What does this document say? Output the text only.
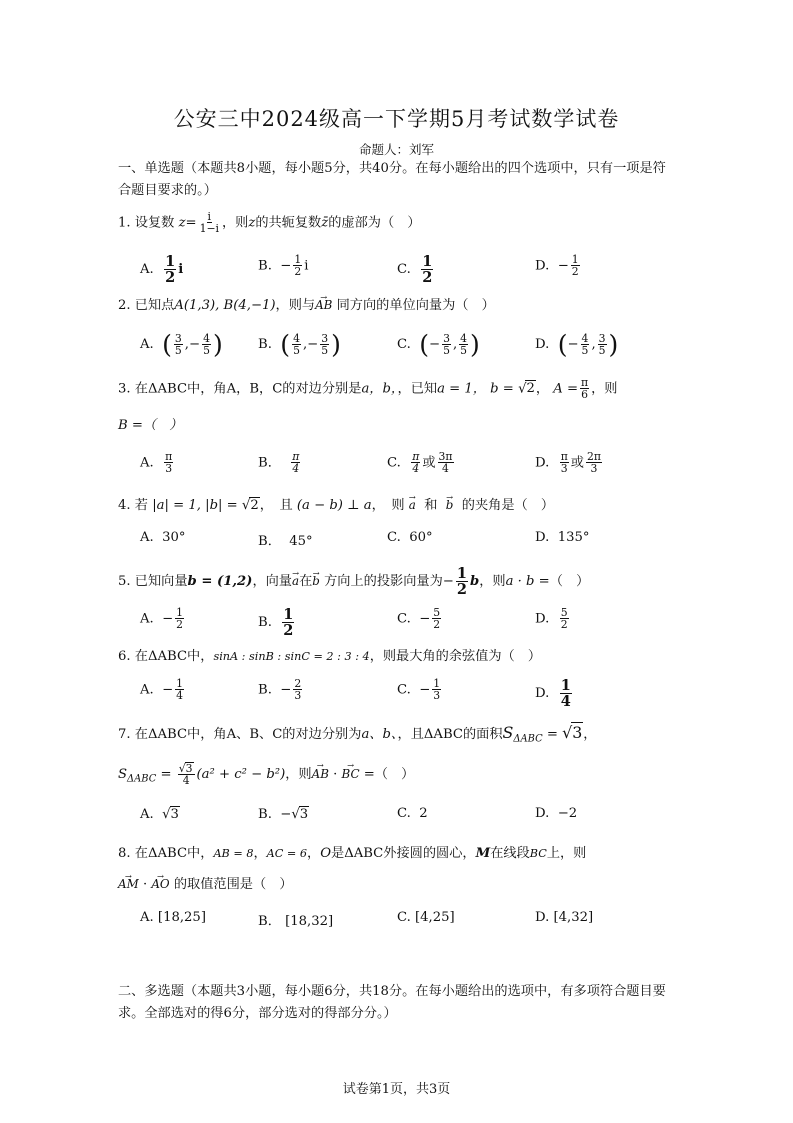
公安三中2024级高一下学期5月考试数学试卷
命题人：刘军
一、单选题（本题共8小题，每小题5分，共40分。在每小题给出的四个选项中，只有一项是符合题目要求的。）
1. 设复数 $z= \frac{i}{1-i}$ ，则z的共轭复数z̄的虚部为（　）
A. $\frac{1}{2}$ i	B. − $\frac{1}{2}$ i	C. $\frac{1}{2}$	D. − $\frac{1}{2}$
2. 已知点A(1,3), B(4,−1)，则与→ AB 同方向的单位向量为（　）
A. ( $\frac{3}{5}$ ,− $\frac{4}{5}$ )	B. ( $\frac{4}{5}$ ,− $\frac{3}{5}$ )	C. (− $\frac{3}{5}$ , $\frac{4}{5}$ )	D. (− $\frac{4}{5}$ , $\frac{3}{5}$ )
3. 在ΔABC中，角A，B，C的对边分别是a，b，，已知a = 1， b = √2， $A = \frac{\pi}{6}$ ，则
B =（　）
A. $\frac{\pi}{3}$	B． $\frac{\pi}{4}$	C. $\frac{\pi}{4}$ 或 $\frac{3\pi}{4}$	D. $\frac{\pi}{3}$ 或 $\frac{2\pi}{3}$
4. 若 |a| = 1, |b| = √2，　且 (a − b) ⊥ a，　则 → a 和 → b 的夹角是（　）
A. 30°	B． 45°	C. 60°	D. 135°
5. 已知向量b = (1,2)，向量→ a在→ b 方向上的投影向量为− $\frac{1}{2}$ b，则a · b =（　）
A. − $\frac{1}{2}$	B. $\frac{1}{2}$	C. − $\frac{5}{2}$	D. $\frac{5}{2}$
6. 在ΔABC中，sinA : sinB : sinC = 2 : 3 : 4，则最大角的余弦值为（　）
A. − $\frac{1}{4}$	B. − $\frac{2}{3}$	C. − $\frac{1}{3}$	D. $\frac{1}{4}$
7. 在ΔABC中，角A、B、C的对边分别为a、b、，且ΔABC的面积$S_{\Delta ABC} = √3$，
$S_{\Delta ABC} = \frac{√3}{4} (a^2 + c^2 - b^2)$，则→ AB · → BC =（　）
A.  √3	B. −√3	C. 2	D. −2
8. 在ΔABC中，AB = 8，AC = 6，O是ΔABC外接圆的圆心，M在线段BC上，则
→ AM · → AO 的取值范围是（　）
A. [18,25]	B． [18,32]	C. [4,25]	D. [4,32]
二、多选题（本题共3小题，每小题6分，共18分。在每小题给出的选项中，有多项符合题目要求。全部选对的得6分，部分选对的得部分分。）
试卷第1页，共3页
